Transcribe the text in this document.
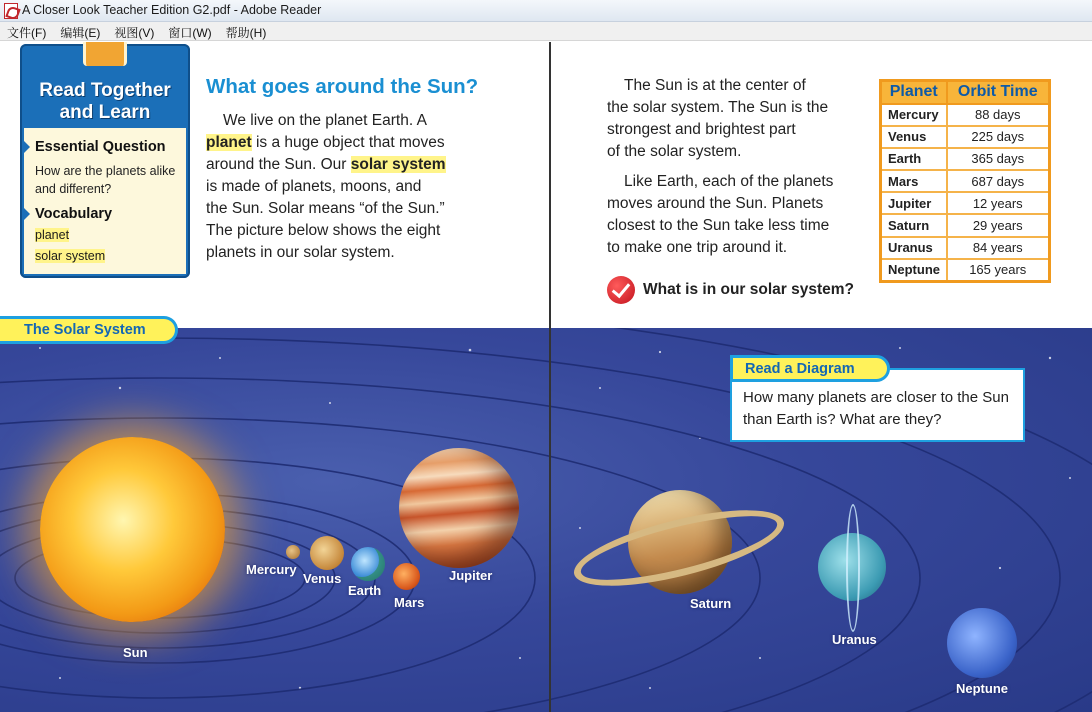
A Closer Look Teacher Edition G2.pdf - Adobe Reader
文件(F)	编辑(E)	视图(V)	窗口(W)	帮助(H)
Read Together
and Learn
Essential Question
How are the planets alike and different?
Vocabulary
planet
solar system
What goes around the Sun?
We live on the planet Earth. A
planet is a huge object that moves
around the Sun. Our solar system
is made of planets, moons, and
the Sun. Solar means “of the Sun.”
The picture below shows the eight
planets in our solar system.
The Sun is at the center of
the solar system. The Sun is the
strongest and brightest part
of the solar system.
Like Earth, each of the planets
moves around the Sun. Planets
closest to the Sun take less time
to make one trip around it.
What is in our solar system?
Planet	Orbit Time
Mercury	88 days
Venus	225 days
Earth	365 days
Mars	687 days
Jupiter	12 years
Saturn	29 years
Uranus	84 years
Neptune	165 years
The Solar System
Sun
Mercury
Venus
Earth
Mars
Jupiter
Saturn
Uranus
Neptune
Read a Diagram
How many planets are closer to the Sun than Earth is? What are they?
